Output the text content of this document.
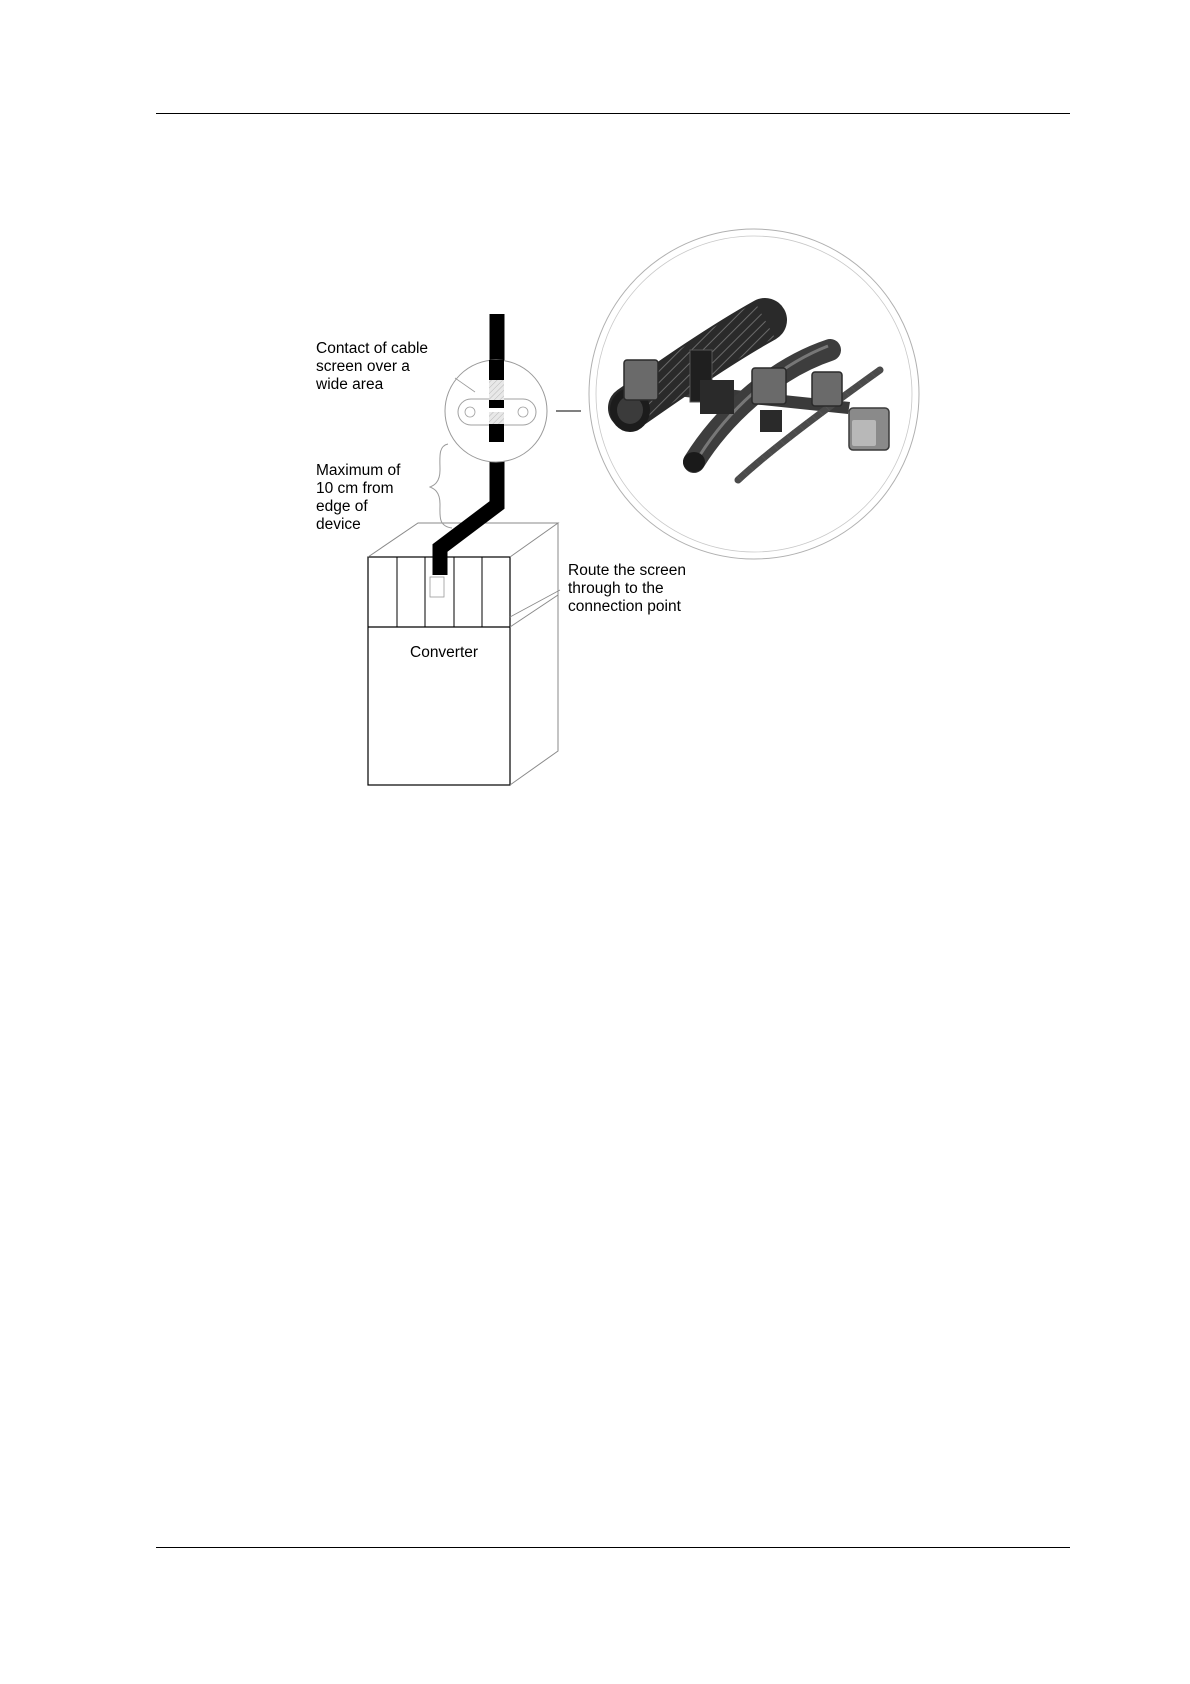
Contact of cable
screen over a
wide area
Maximum of
10 cm from
edge of
device
Route the screen
through to the
connection point
Converter
